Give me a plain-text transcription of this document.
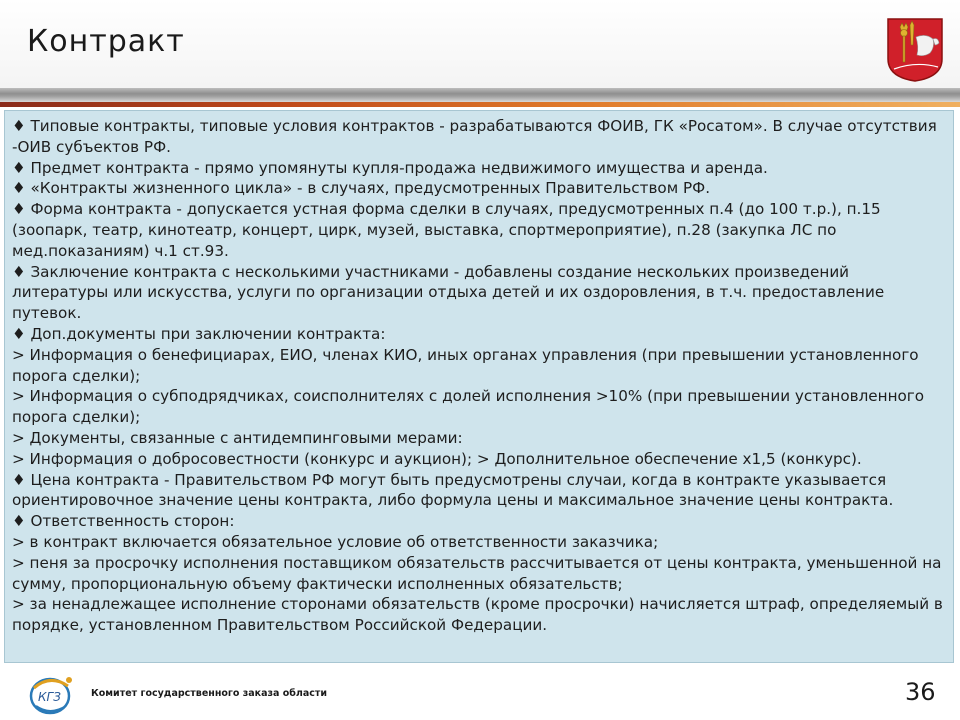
Контракт

♦ Типовые контракты, типовые условия контрактов - разрабатываются ФОИВ, ГК «Росатом». В случае отсутствия -ОИВ субъектов РФ.

♦ Предмет контракта - прямо упомянуты купля-продажа недвижимого имущества и аренда.

♦ «Контракты жизненного цикла» - в случаях, предусмотренных Правительством РФ.

♦ Форма контракта - допускается устная форма сделки в случаях, предусмотренных п.4 (до 100 т.р.), п.15 (зоопарк, театр, кинотеатр, концерт, цирк, музей, выставка, спортмероприятие), п.28 (закупка ЛС по мед.показаниям) ч.1 ст.93.

♦ Заключение контракта с несколькими участниками - добавлены создание нескольких произведений литературы или искусства, услуги по организации отдыха детей и их оздоровления, в т.ч. предоставление путевок.

♦ Доп.документы при заключении контракта:

> Информация о бенефициарах, ЕИО, членах КИО, иных органах управления (при превышении установленного порога сделки);

> Информация о субподрядчиках, соисполнителях с долей исполнения >10% (при превышении установленного порога сделки);

> Документы, связанные с антидемпинговыми мерами:

> Информация о добросовестности (конкурс и аукцион); > Дополнительное обеспечение х1,5 (конкурс).

♦ Цена контракта - Правительством РФ могут быть предусмотрены случаи, когда в контракте указывается ориентировочное значение цены контракта, либо формула цены и максимальное значение цены контракта.

♦ Ответственность сторон:

> в контракт включается обязательное условие об ответственности заказчика;

> пеня за просрочку исполнения поставщиком обязательств рассчитывается от цены контракта, уменьшенной на сумму, пропорциональную объему фактически исполненных обязательств;

> за ненадлежащее исполнение сторонами обязательств (кроме просрочки) начисляется штраф, определяемый в порядке, установленном Правительством Российской Федерации.

КГЗ	Комитет государственного заказа области	36
